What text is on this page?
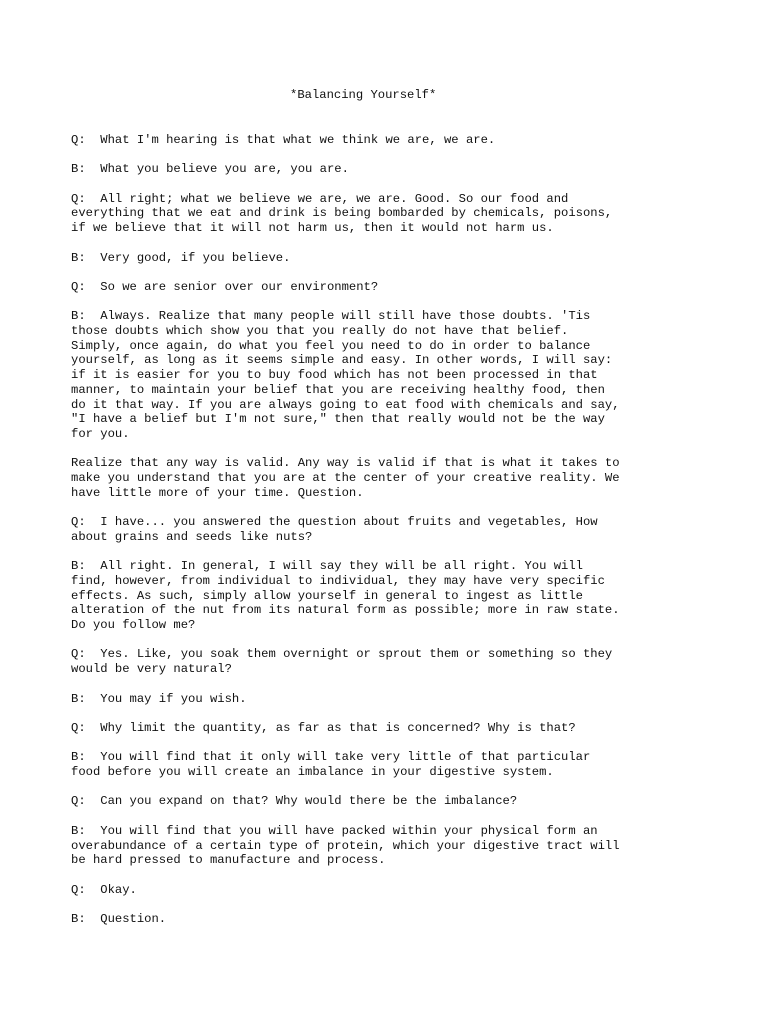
*Balancing Yourself*
Q:  What I'm hearing is that what we think we are, we are.
B:  What you believe you are, you are.
Q:  All right; what we believe we are, we are. Good. So our food and
everything that we eat and drink is being bombarded by chemicals, poisons,
if we believe that it will not harm us, then it would not harm us.
B:  Very good, if you believe.
Q:  So we are senior over our environment?
B:  Always. Realize that many people will still have those doubts. 'Tis
those doubts which show you that you really do not have that belief.
Simply, once again, do what you feel you need to do in order to balance
yourself, as long as it seems simple and easy. In other words, I will say:
if it is easier for you to buy food which has not been processed in that
manner, to maintain your belief that you are receiving healthy food, then
do it that way. If you are always going to eat food with chemicals and say,
"I have a belief but I'm not sure," then that really would not be the way
for you.
Realize that any way is valid. Any way is valid if that is what it takes to
make you understand that you are at the center of your creative reality. We
have little more of your time. Question.
Q:  I have... you answered the question about fruits and vegetables, How
about grains and seeds like nuts?
B:  All right. In general, I will say they will be all right. You will
find, however, from individual to individual, they may have very specific
effects. As such, simply allow yourself in general to ingest as little
alteration of the nut from its natural form as possible; more in raw state.
Do you follow me?
Q:  Yes. Like, you soak them overnight or sprout them or something so they
would be very natural?
B:  You may if you wish.
Q:  Why limit the quantity, as far as that is concerned? Why is that?
B:  You will find that it only will take very little of that particular
food before you will create an imbalance in your digestive system.
Q:  Can you expand on that? Why would there be the imbalance?
B:  You will find that you will have packed within your physical form an
overabundance of a certain type of protein, which your digestive tract will
be hard pressed to manufacture and process.
Q:  Okay.
B:  Question.
